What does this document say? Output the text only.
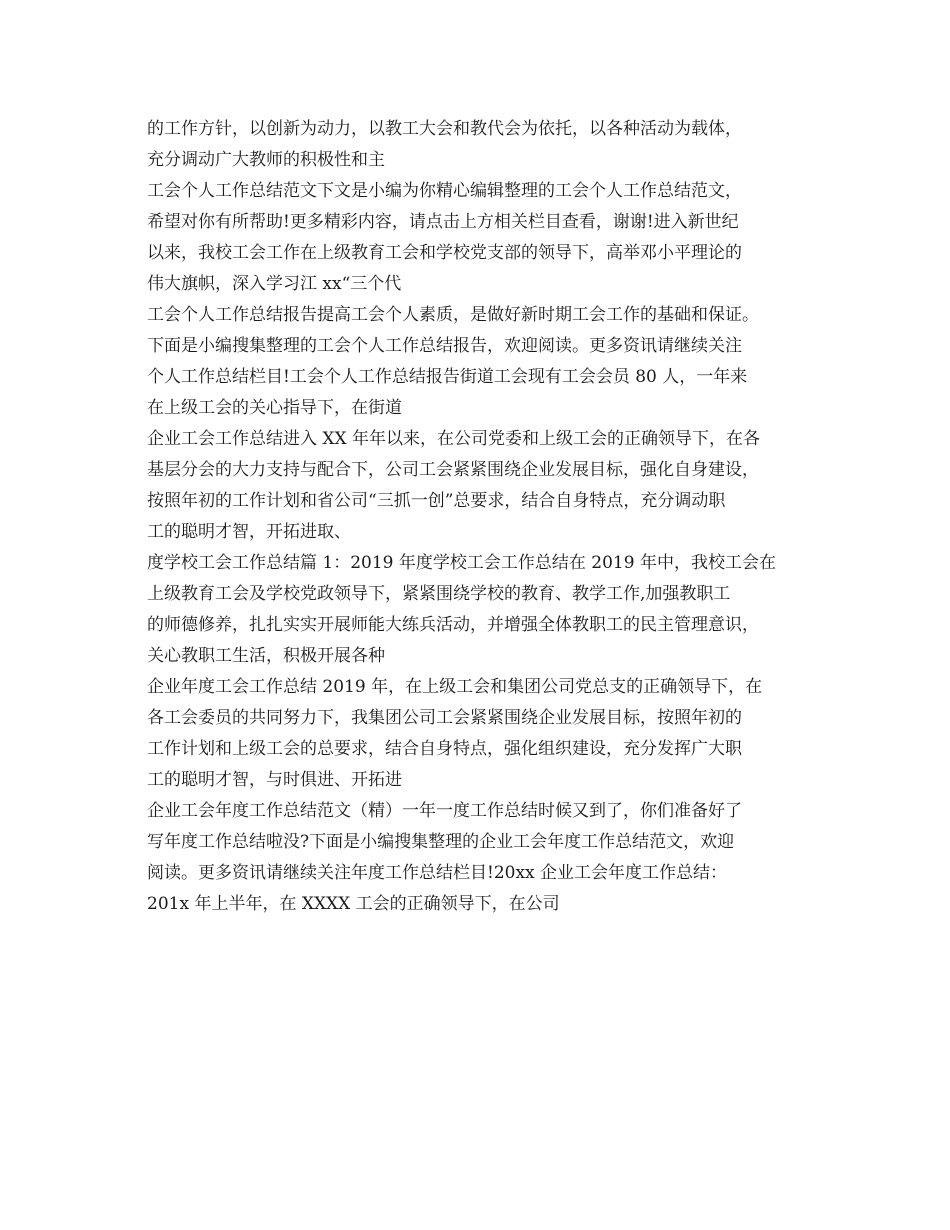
的工作方针，以创新为动力，以教工大会和教代会为依托，以各种活动为载体，
充分调动广大教师的积极性和主
工会个人工作总结范文下文是小编为你精心编辑整理的工会个人工作总结范文，
希望对你有所帮助!更多精彩内容，请点击上方相关栏目查看，谢谢!进入新世纪
以来，我校工会工作在上级教育工会和学校党支部的领导下，高举邓小平理论的
伟大旗帜，深入学习江 xx“三个代
工会个人工作总结报告提高工会个人素质，是做好新时期工会工作的基础和保证。
下面是小编搜集整理的工会个人工作总结报告，欢迎阅读。更多资讯请继续关注
个人工作总结栏目!工会个人工作总结报告街道工会现有工会会员 80 人，一年来
在上级工会的关心指导下，在街道
企业工会工作总结进入 XX 年年以来，在公司党委和上级工会的正确领导下，在各
基层分会的大力支持与配合下，公司工会紧紧围绕企业发展目标，强化自身建设，
按照年初的工作计划和省公司“三抓一创”总要求，结合自身特点，充分调动职
工的聪明才智，开拓进取、
度学校工会工作总结篇 1：2019 年度学校工会工作总结在 2019 年中，我校工会在
上级教育工会及学校党政领导下，紧紧围绕学校的教育、教学工作,加强教职工
的师德修养，扎扎实实开展师能大练兵活动，并增强全体教职工的民主管理意识，
关心教职工生活，积极开展各种
企业年度工会工作总结 2019 年，在上级工会和集团公司党总支的正确领导下，在
各工会委员的共同努力下，我集团公司工会紧紧围绕企业发展目标，按照年初的
工作计划和上级工会的总要求，结合自身特点，强化组织建设，充分发挥广大职
工的聪明才智，与时俱进、开拓进
企业工会年度工作总结范文（精）一年一度工作总结时候又到了，你们准备好了
写年度工作总结啦没?下面是小编搜集整理的企业工会年度工作总结范文，欢迎
阅读。更多资讯请继续关注年度工作总结栏目!20xx 企业工会年度工作总结：
201x 年上半年，在 XXXX 工会的正确领导下，在公司
